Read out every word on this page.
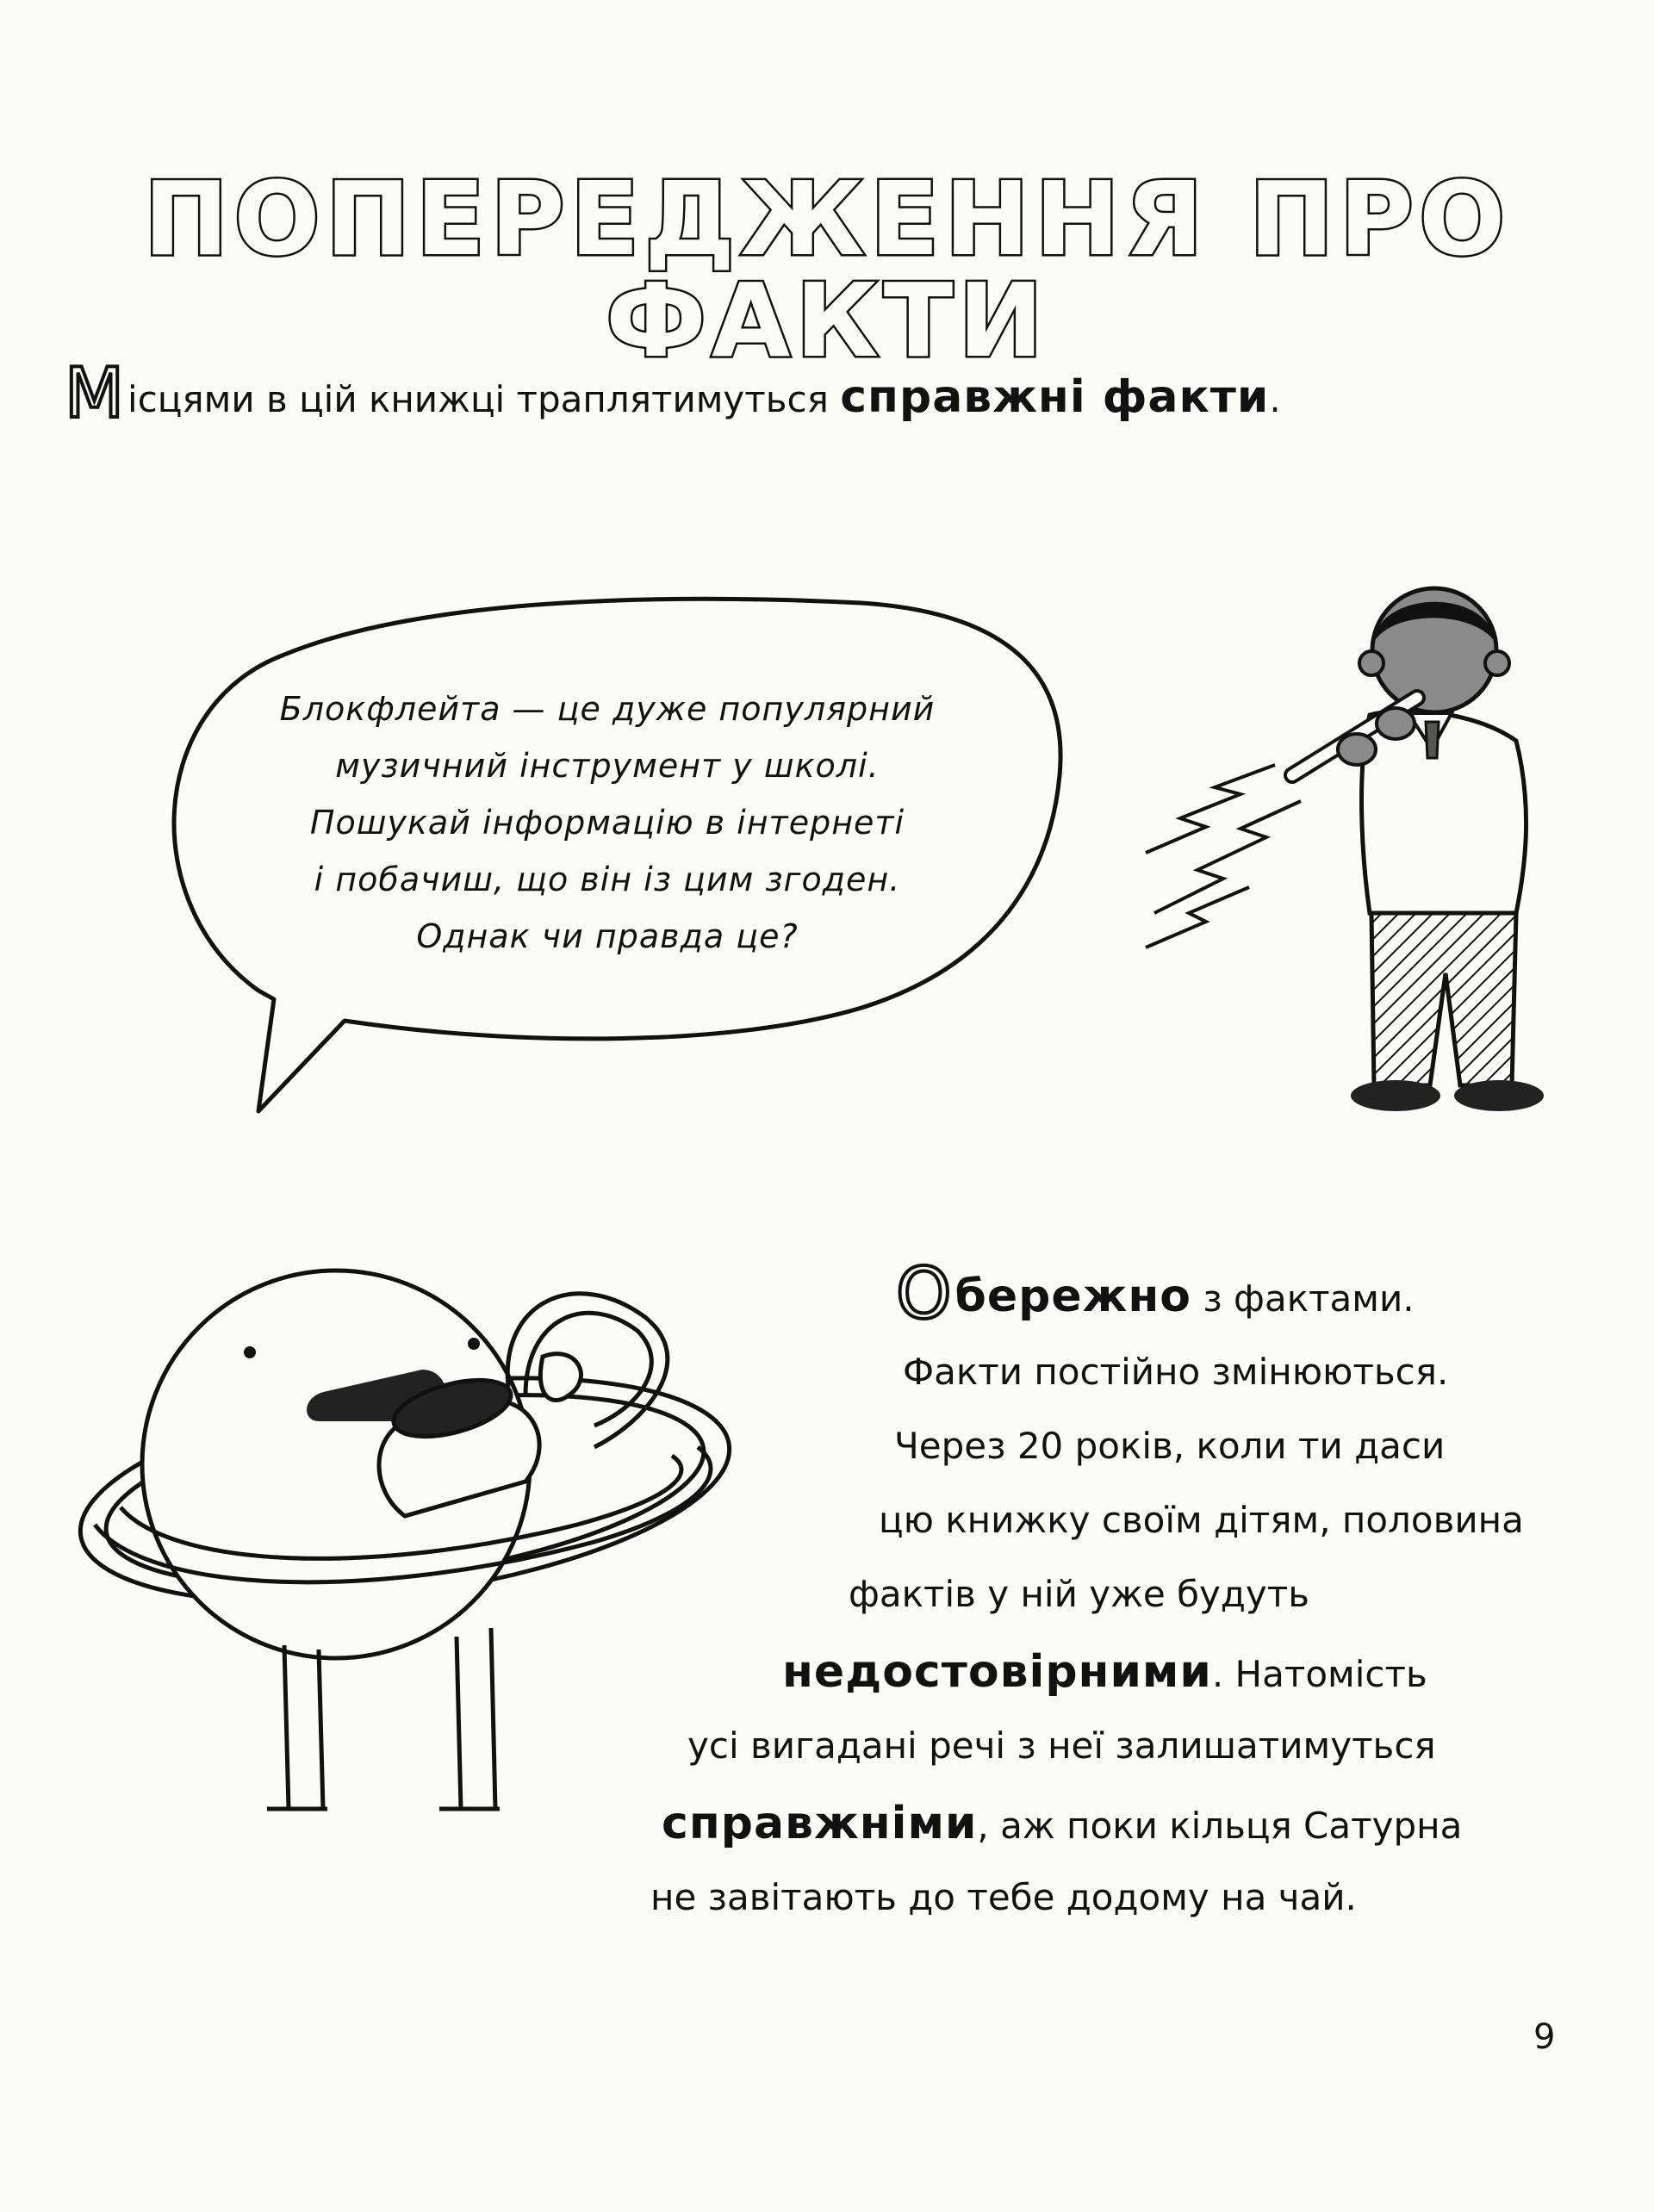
ПОПЕРЕДЖЕННЯ ПРО ФАКТИ
Місцями в цій книжці траплятимуться справжні факти.
Блокфлейта — це дуже популярний
музичний інструмент у школі.
Пошукай інформацію в інтернеті
і побачиш, що він із цим згоден.
Однак чи правда це?
Обережно з фактами.
Факти постійно змінюються.
Через 20 років, коли ти даси
цю книжку своїм дітям, половина
фактів у ній уже будуть
недостовірними. Натомість
усі вигадані речі з неї залишатимуться
справжніми, аж поки кільця Сатурна
не завітають до тебе додому на чай.
9
